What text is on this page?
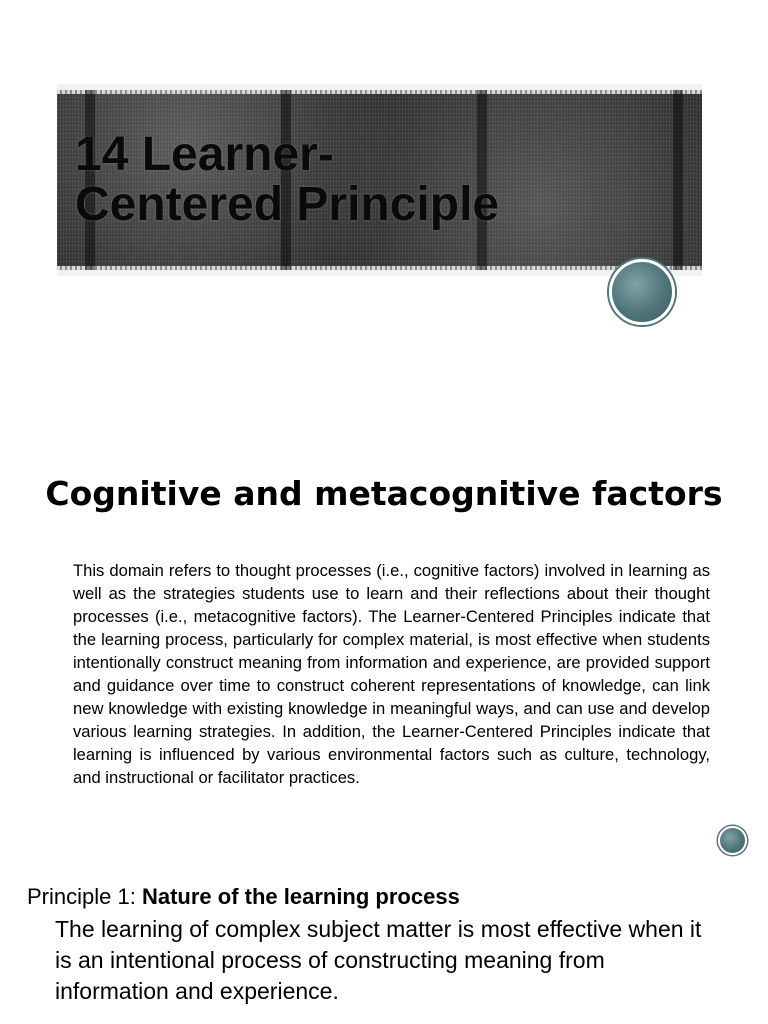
14 Learner-
Centered Principle
Cognitive and metacognitive factors

This domain refers to thought processes (i.e., cognitive factors) involved in learning as well as the strategies students use to learn and their reflections about their thought processes (i.e., metacognitive factors). The Learner-Centered Principles indicate that the learning process, particularly for complex material, is most effective when students intentionally construct meaning from information and experience, are provided support and guidance over time to construct coherent representations of knowledge, can link new knowledge with existing knowledge in meaningful ways, and can use and develop various learning strategies. In addition, the Learner-Centered Principles indicate that learning is influenced by various environmental factors such as culture, technology, and instructional or facilitator practices.

Principle 1: Nature of the learning process

The learning of complex subject matter is most effective when it is an intentional process of constructing meaning from information and experience.
